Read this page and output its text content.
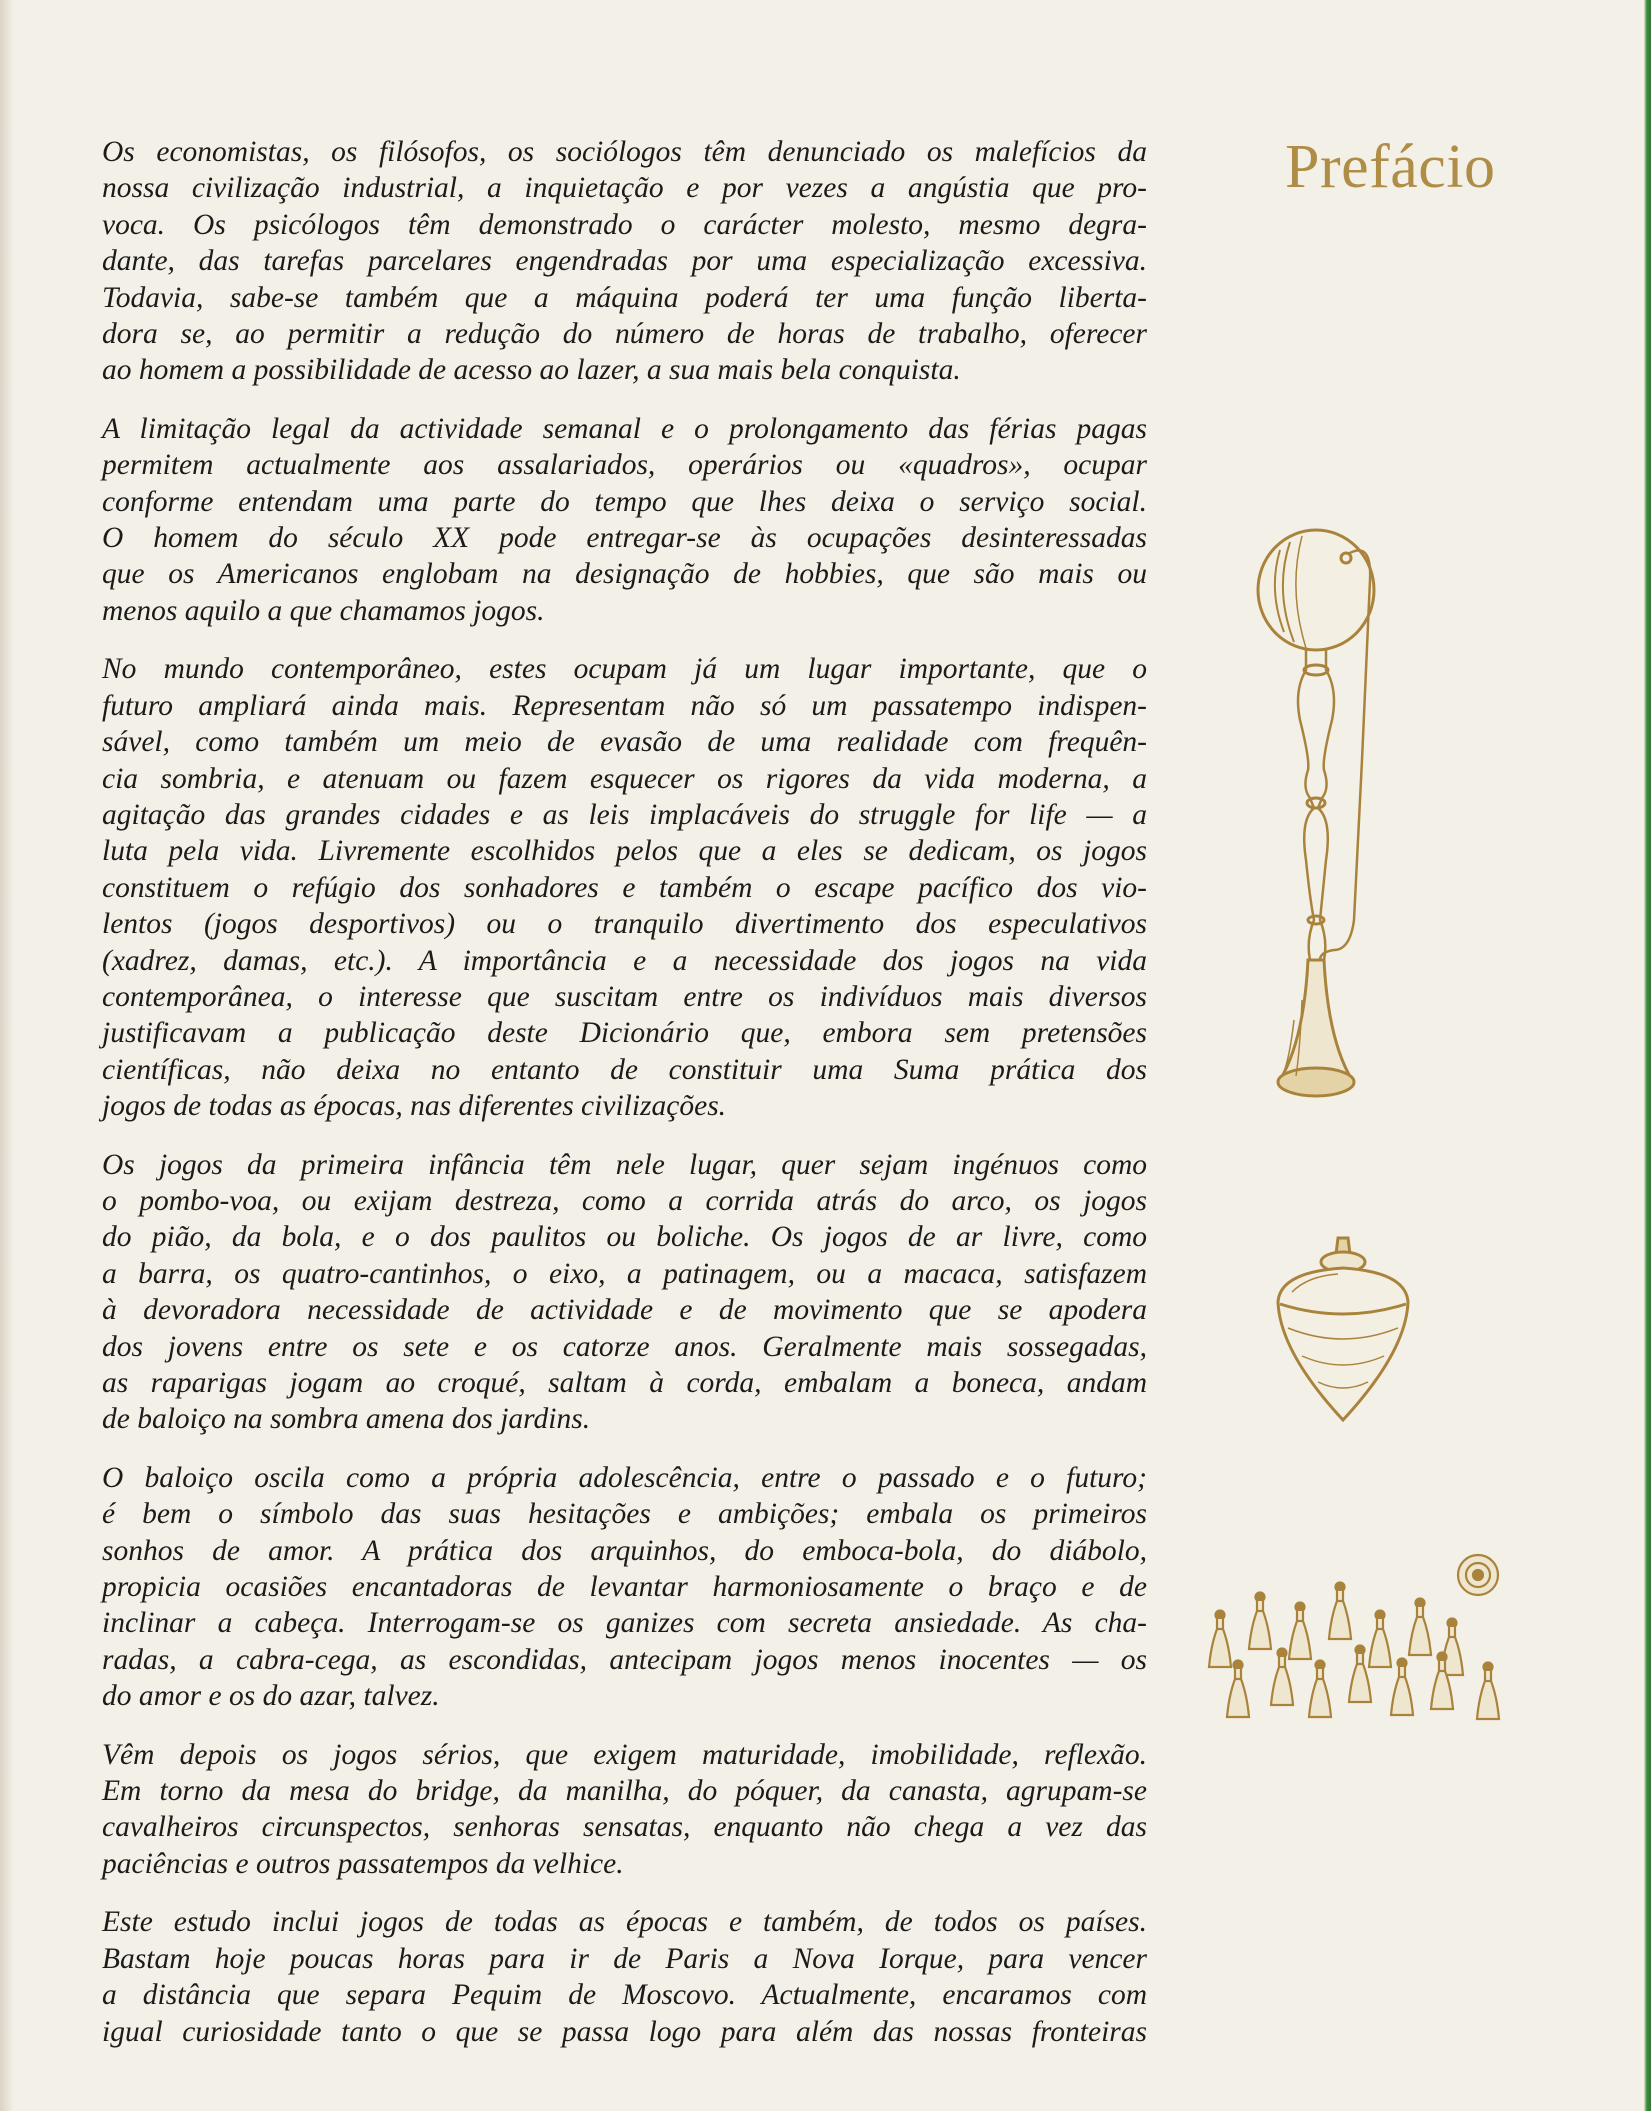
Prefácio
Os economistas, os filósofos, os sociólogos têm denunciado os malefícios da
nossa civilização industrial, a inquietação e por vezes a angústia que pro-
voca. Os psicólogos têm demonstrado o carácter molesto, mesmo degra-
dante, das tarefas parcelares engendradas por uma especialização excessiva.
Todavia, sabe-se também que a máquina poderá ter uma função liberta-
dora se, ao permitir a redução do número de horas de trabalho, oferecer
ao homem a possibilidade de acesso ao lazer, a sua mais bela conquista.
A limitação legal da actividade semanal e o prolongamento das férias pagas
permitem actualmente aos assalariados, operários ou «quadros», ocupar
conforme entendam uma parte do tempo que lhes deixa o serviço social.
O homem do século XX pode entregar-se às ocupações desinteressadas
que os Americanos englobam na designação de hobbies, que são mais ou
menos aquilo a que chamamos jogos.
No mundo contemporâneo, estes ocupam já um lugar importante, que o
futuro ampliará ainda mais. Representam não só um passatempo indispen-
sável, como também um meio de evasão de uma realidade com frequên-
cia sombria, e atenuam ou fazem esquecer os rigores da vida moderna, a
agitação das grandes cidades e as leis implacáveis do struggle for life — a
luta pela vida. Livremente escolhidos pelos que a eles se dedicam, os jogos
constituem o refúgio dos sonhadores e também o escape pacífico dos vio-
lentos (jogos desportivos) ou o tranquilo divertimento dos especulativos
(xadrez, damas, etc.). A importância e a necessidade dos jogos na vida
contemporânea, o interesse que suscitam entre os indivíduos mais diversos
justificavam a publicação deste Dicionário que, embora sem pretensões
científicas, não deixa no entanto de constituir uma Suma prática dos
jogos de todas as épocas, nas diferentes civilizações.
Os jogos da primeira infância têm nele lugar, quer sejam ingénuos como
o pombo-voa, ou exijam destreza, como a corrida atrás do arco, os jogos
do pião, da bola, e o dos paulitos ou boliche. Os jogos de ar livre, como
a barra, os quatro-cantinhos, o eixo, a patinagem, ou a macaca, satisfazem
à devoradora necessidade de actividade e de movimento que se apodera
dos jovens entre os sete e os catorze anos. Geralmente mais sossegadas,
as raparigas jogam ao croqué, saltam à corda, embalam a boneca, andam
de baloiço na sombra amena dos jardins.
O baloiço oscila como a própria adolescência, entre o passado e o futuro;
é bem o símbolo das suas hesitações e ambições; embala os primeiros
sonhos de amor. A prática dos arquinhos, do emboca-bola, do diábolo,
propicia ocasiões encantadoras de levantar harmoniosamente o braço e de
inclinar a cabeça. Interrogam-se os ganizes com secreta ansiedade. As cha-
radas, a cabra-cega, as escondidas, antecipam jogos menos inocentes — os
do amor e os do azar, talvez.
Vêm depois os jogos sérios, que exigem maturidade, imobilidade, reflexão.
Em torno da mesa do bridge, da manilha, do póquer, da canasta, agrupam-se
cavalheiros circunspectos, senhoras sensatas, enquanto não chega a vez das
paciências e outros passatempos da velhice.
Este estudo inclui jogos de todas as épocas e também, de todos os países.
Bastam hoje poucas horas para ir de Paris a Nova Iorque, para vencer
a distância que separa Pequim de Moscovo. Actualmente, encaramos com
igual curiosidade tanto o que se passa logo para além das nossas fronteiras
